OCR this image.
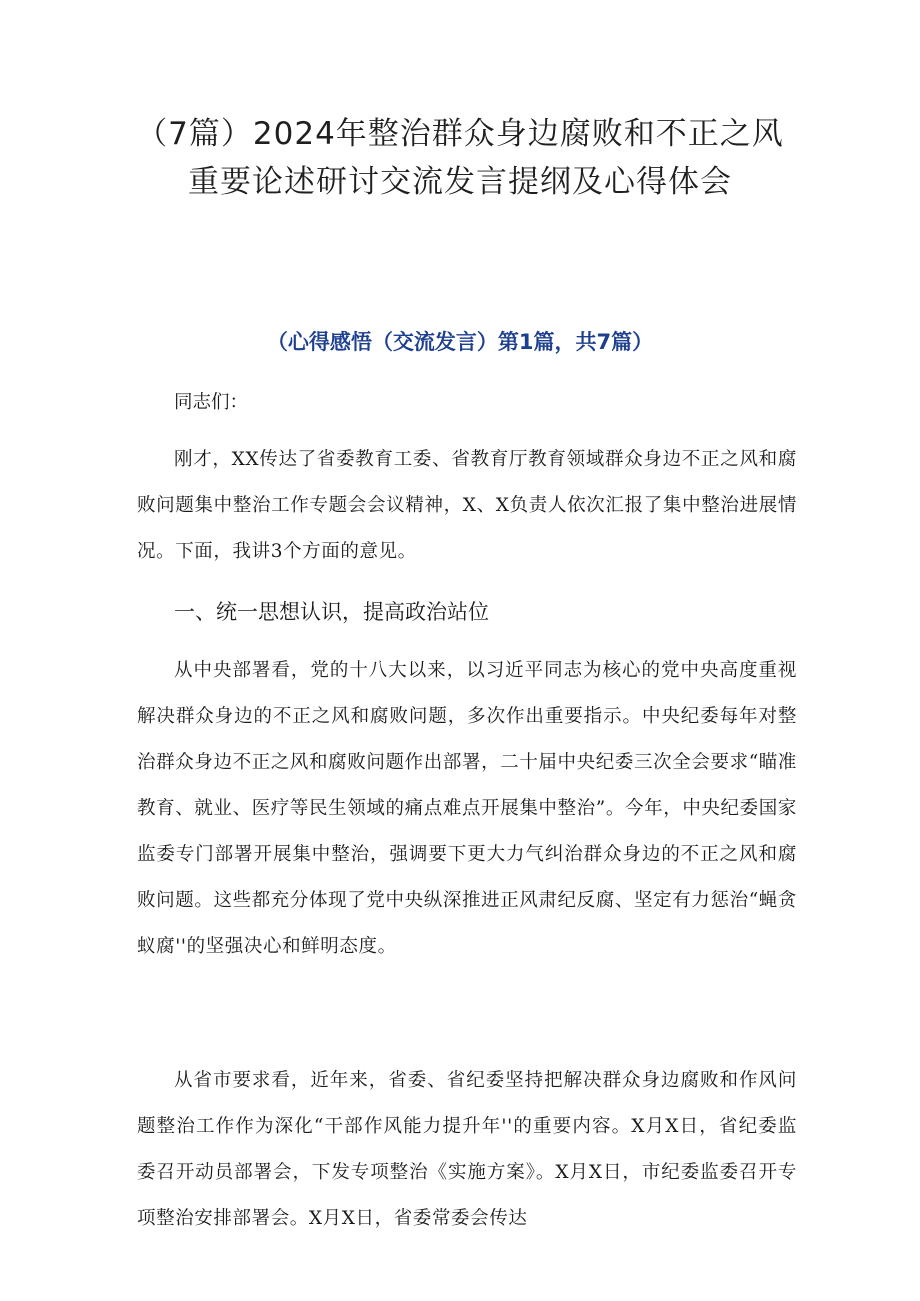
（7篇）2024年整治群众身边腐败和不正之风重要论述研讨交流发言提纲及心得体会

（心得感悟（交流发言）第1篇，共7篇）

同志们：

刚才，XX传达了省委教育工委、省教育厅教育领域群众身边不正之风和腐败问题集中整治工作专题会会议精神，X、X负责人依次汇报了集中整治进展情况。下面，我讲3个方面的意见。

一、统一思想认识，提高政治站位

从中央部署看，党的十八大以来，以习近平同志为核心的党中央高度重视解决群众身边的不正之风和腐败问题，多次作出重要指示。中央纪委每年对整治群众身边不正之风和腐败问题作出部署，二十届中央纪委三次全会要求“瞄准教育、就业、医疗等民生领域的痛点难点开展集中整治”。今年，中央纪委国家监委专门部署开展集中整治，强调要下更大力气纠治群众身边的不正之风和腐败问题。这些都充分体现了党中央纵深推进正风肃纪反腐、坚定有力惩治“蝇贪蚁腐''的坚强决心和鲜明态度。

从省市要求看，近年来，省委、省纪委坚持把解决群众身边腐败和作风问题整治工作作为深化“干部作风能力提升年''的重要内容。X月X日，省纪委监委召开动员部署会，下发专项整治《实施方案》。X月X日，市纪委监委召开专项整治安排部署会。X月X日，省委常委会传达
